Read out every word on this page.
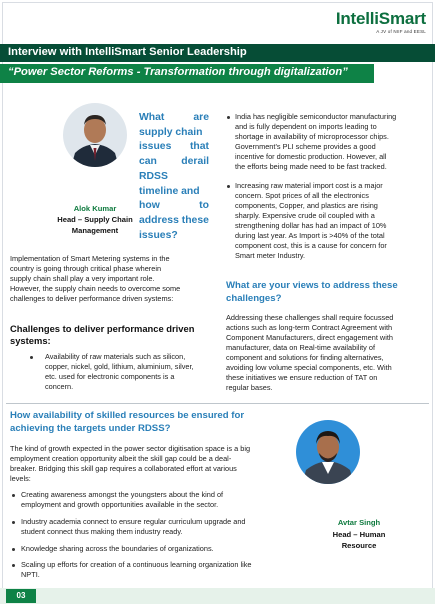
IntelliSmart
A JV of NIIF and EESL
Interview with IntelliSmart Senior Leadership
“Power Sector Reforms - Transformation through digitalization”
Alok Kumar
Head – Supply Chain
Management
What are
supply chain
issues that
can derail
RDSS
timeline and
how to
address these
issues?
India has negligible semiconductor manufacturing
and is fully dependent on imports leading to
shortage in availability of microprocessor chips.
Government’s PLI scheme provides a good
incentive for domestic production. However, all
the efforts being made need to be fast tracked.
Increasing raw material import cost is a major
concern. Spot prices of all the electronics
components, Copper, and plastics are rising
sharply. Expensive crude oil coupled with a
strengthening dollar has had an impact of 10%
during last year. As Import is >40% of the total
component cost, this is a cause for concern for
Smart meter Industry.
Implementation of Smart Metering systems in the
country is going through critical phase wherein
supply chain shall play a very important role.
However, the supply chain needs to overcome some
challenges to deliver performance driven systems:
Challenges to deliver performance driven
systems:
Availability of raw materials such as silicon,
copper, nickel, gold, lithium, aluminium, silver,
etc. used for electronic components is a
concern.
What are your views to address these
challenges?
Addressing these challenges shall require focussed
actions such as long-term Contract Agreement with
Component Manufacturers, direct engagement with
manufacturer, data on Real-time availability of
component and solutions for finding alternatives,
avoiding low volume special components, etc. With
these initiatives we ensure reduction of TAT on
regular bases.
How availability of skilled resources be ensured for
achieving the targets under RDSS?
The kind of growth expected in the power sector digitisation space is a big
employment creation opportunity albeit the skill gap could be a deal-
breaker. Bridging this skill gap requires a collaborated effort at various
levels:
Creating awareness amongst the youngsters about the kind of
employment and growth opportunities available in the sector.
Industry academia connect to ensure regular curriculum upgrade and
student connect thus making them industry ready.
Knowledge sharing across the boundaries of organizations.
Scaling up efforts for creation of a continuous learning organization like
NPTI.
Avtar Singh
Head – Human
Resource
03
